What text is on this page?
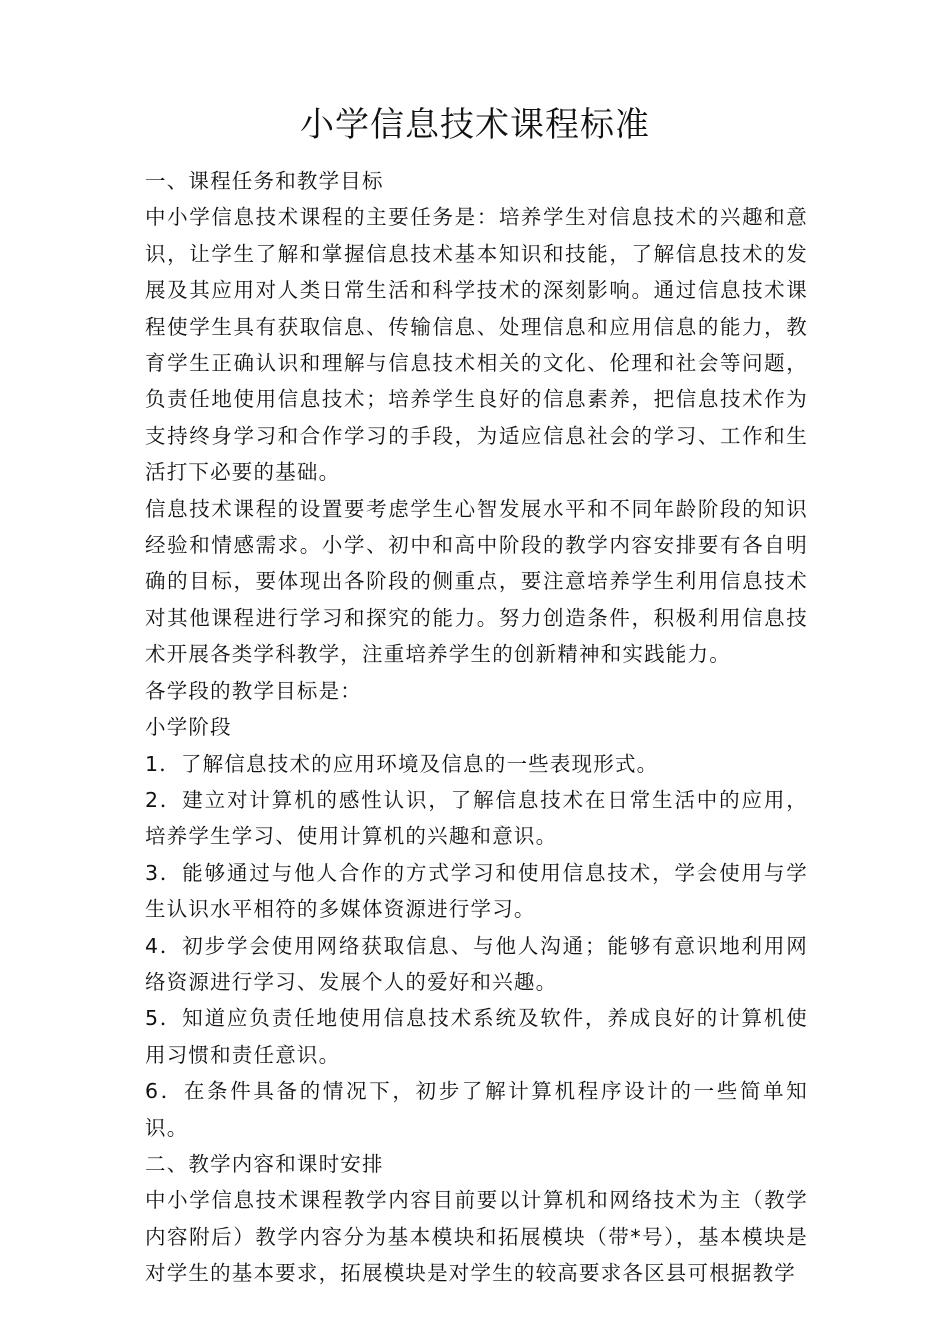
小学信息技术课程标准

一、课程任务和教学目标

中小学信息技术课程的主要任务是：培养学生对信息技术的兴趣和意识，让学生了解和掌握信息技术基本知识和技能，了解信息技术的发展及其应用对人类日常生活和科学技术的深刻影响。通过信息技术课程使学生具有获取信息、传输信息、处理信息和应用信息的能力，教育学生正确认识和理解与信息技术相关的文化、伦理和社会等问题，负责任地使用信息技术；培养学生良好的信息素养，把信息技术作为支持终身学习和合作学习的手段，为适应信息社会的学习、工作和生活打下必要的基础。

信息技术课程的设置要考虑学生心智发展水平和不同年龄阶段的知识经验和情感需求。小学、初中和高中阶段的教学内容安排要有各自明确的目标，要体现出各阶段的侧重点，要注意培养学生利用信息技术对其他课程进行学习和探究的能力。努力创造条件，积极利用信息技术开展各类学科教学，注重培养学生的创新精神和实践能力。

各学段的教学目标是：

小学阶段

1．了解信息技术的应用环境及信息的一些表现形式。

2．建立对计算机的感性认识，了解信息技术在日常生活中的应用，培养学生学习、使用计算机的兴趣和意识。

3．能够通过与他人合作的方式学习和使用信息技术，学会使用与学生认识水平相符的多媒体资源进行学习。

4．初步学会使用网络获取信息、与他人沟通；能够有意识地利用网络资源进行学习、发展个人的爱好和兴趣。

5．知道应负责任地使用信息技术系统及软件，养成良好的计算机使用习惯和责任意识。

6．在条件具备的情况下，初步了解计算机程序设计的一些简单知识。

二、教学内容和课时安排

中小学信息技术课程教学内容目前要以计算机和网络技术为主（教学内容附后）教学内容分为基本模块和拓展模块（带*号），基本模块是对学生的基本要求，拓展模块是对学生的较高要求各区县可根据教学
